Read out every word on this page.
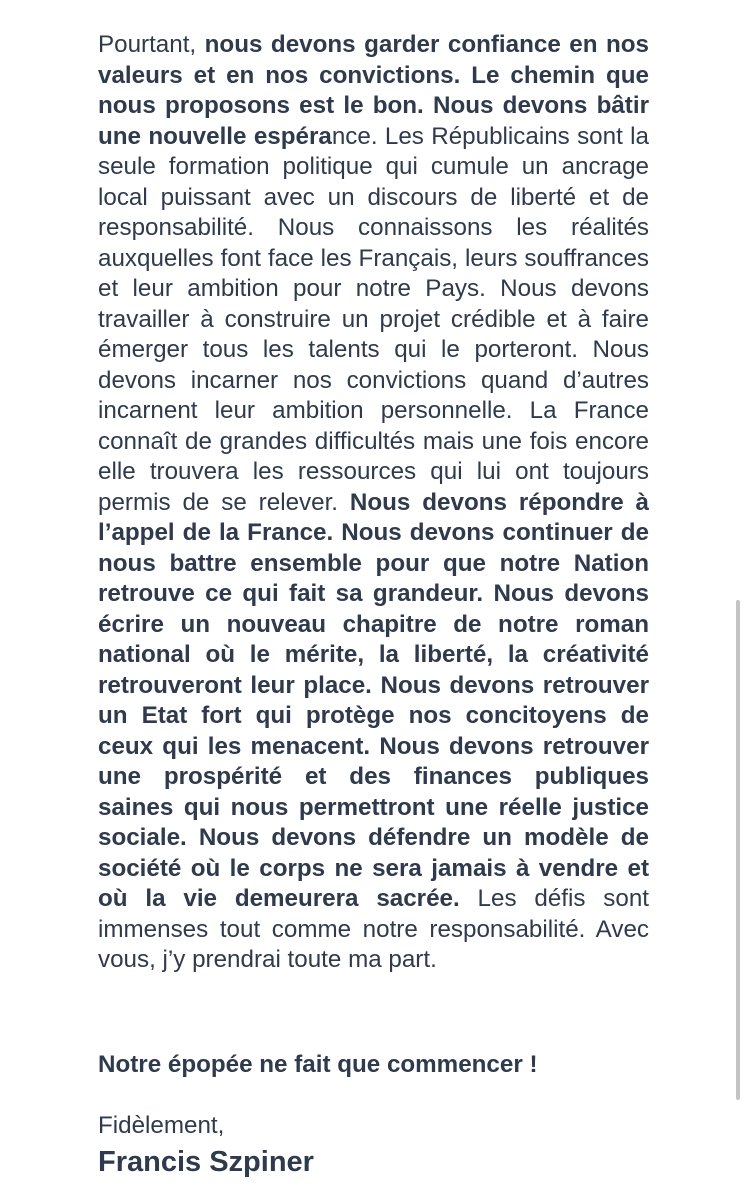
Pourtant, nous devons garder confiance en nos valeurs et en nos convictions. Le chemin que nous proposons est le bon. Nous devons bâtir une nouvelle espérance. Les Républicains sont la seule formation politique qui cumule un ancrage local puissant avec un discours de liberté et de responsabilité. Nous connaissons les réalités auxquelles font face les Français, leurs souffrances et leur ambition pour notre Pays. Nous devons travailler à construire un projet crédible et à faire émerger tous les talents qui le porteront. Nous devons incarner nos convictions quand d’autres incarnent leur ambition personnelle. La France connaît de grandes difficultés mais une fois encore elle trouvera les ressources qui lui ont toujours permis de se relever. Nous devons répondre à l’appel de la France. Nous devons continuer de nous battre ensemble pour que notre Nation retrouve ce qui fait sa grandeur. Nous devons écrire un nouveau chapitre de notre roman national où le mérite, la liberté, la créativité retrouveront leur place. Nous devons retrouver un Etat fort qui protège nos concitoyens de ceux qui les menacent. Nous devons retrouver une prospérité et des finances publiques saines qui nous permettront une réelle justice sociale. Nous devons défendre un modèle de société où le corps ne sera jamais à vendre et où la vie demeurera sacrée. Les défis sont immenses tout comme notre responsabilité. Avec vous, j’y prendrai toute ma part.

Notre épopée ne fait que commencer !
Fidèlement,
Francis Szpiner
